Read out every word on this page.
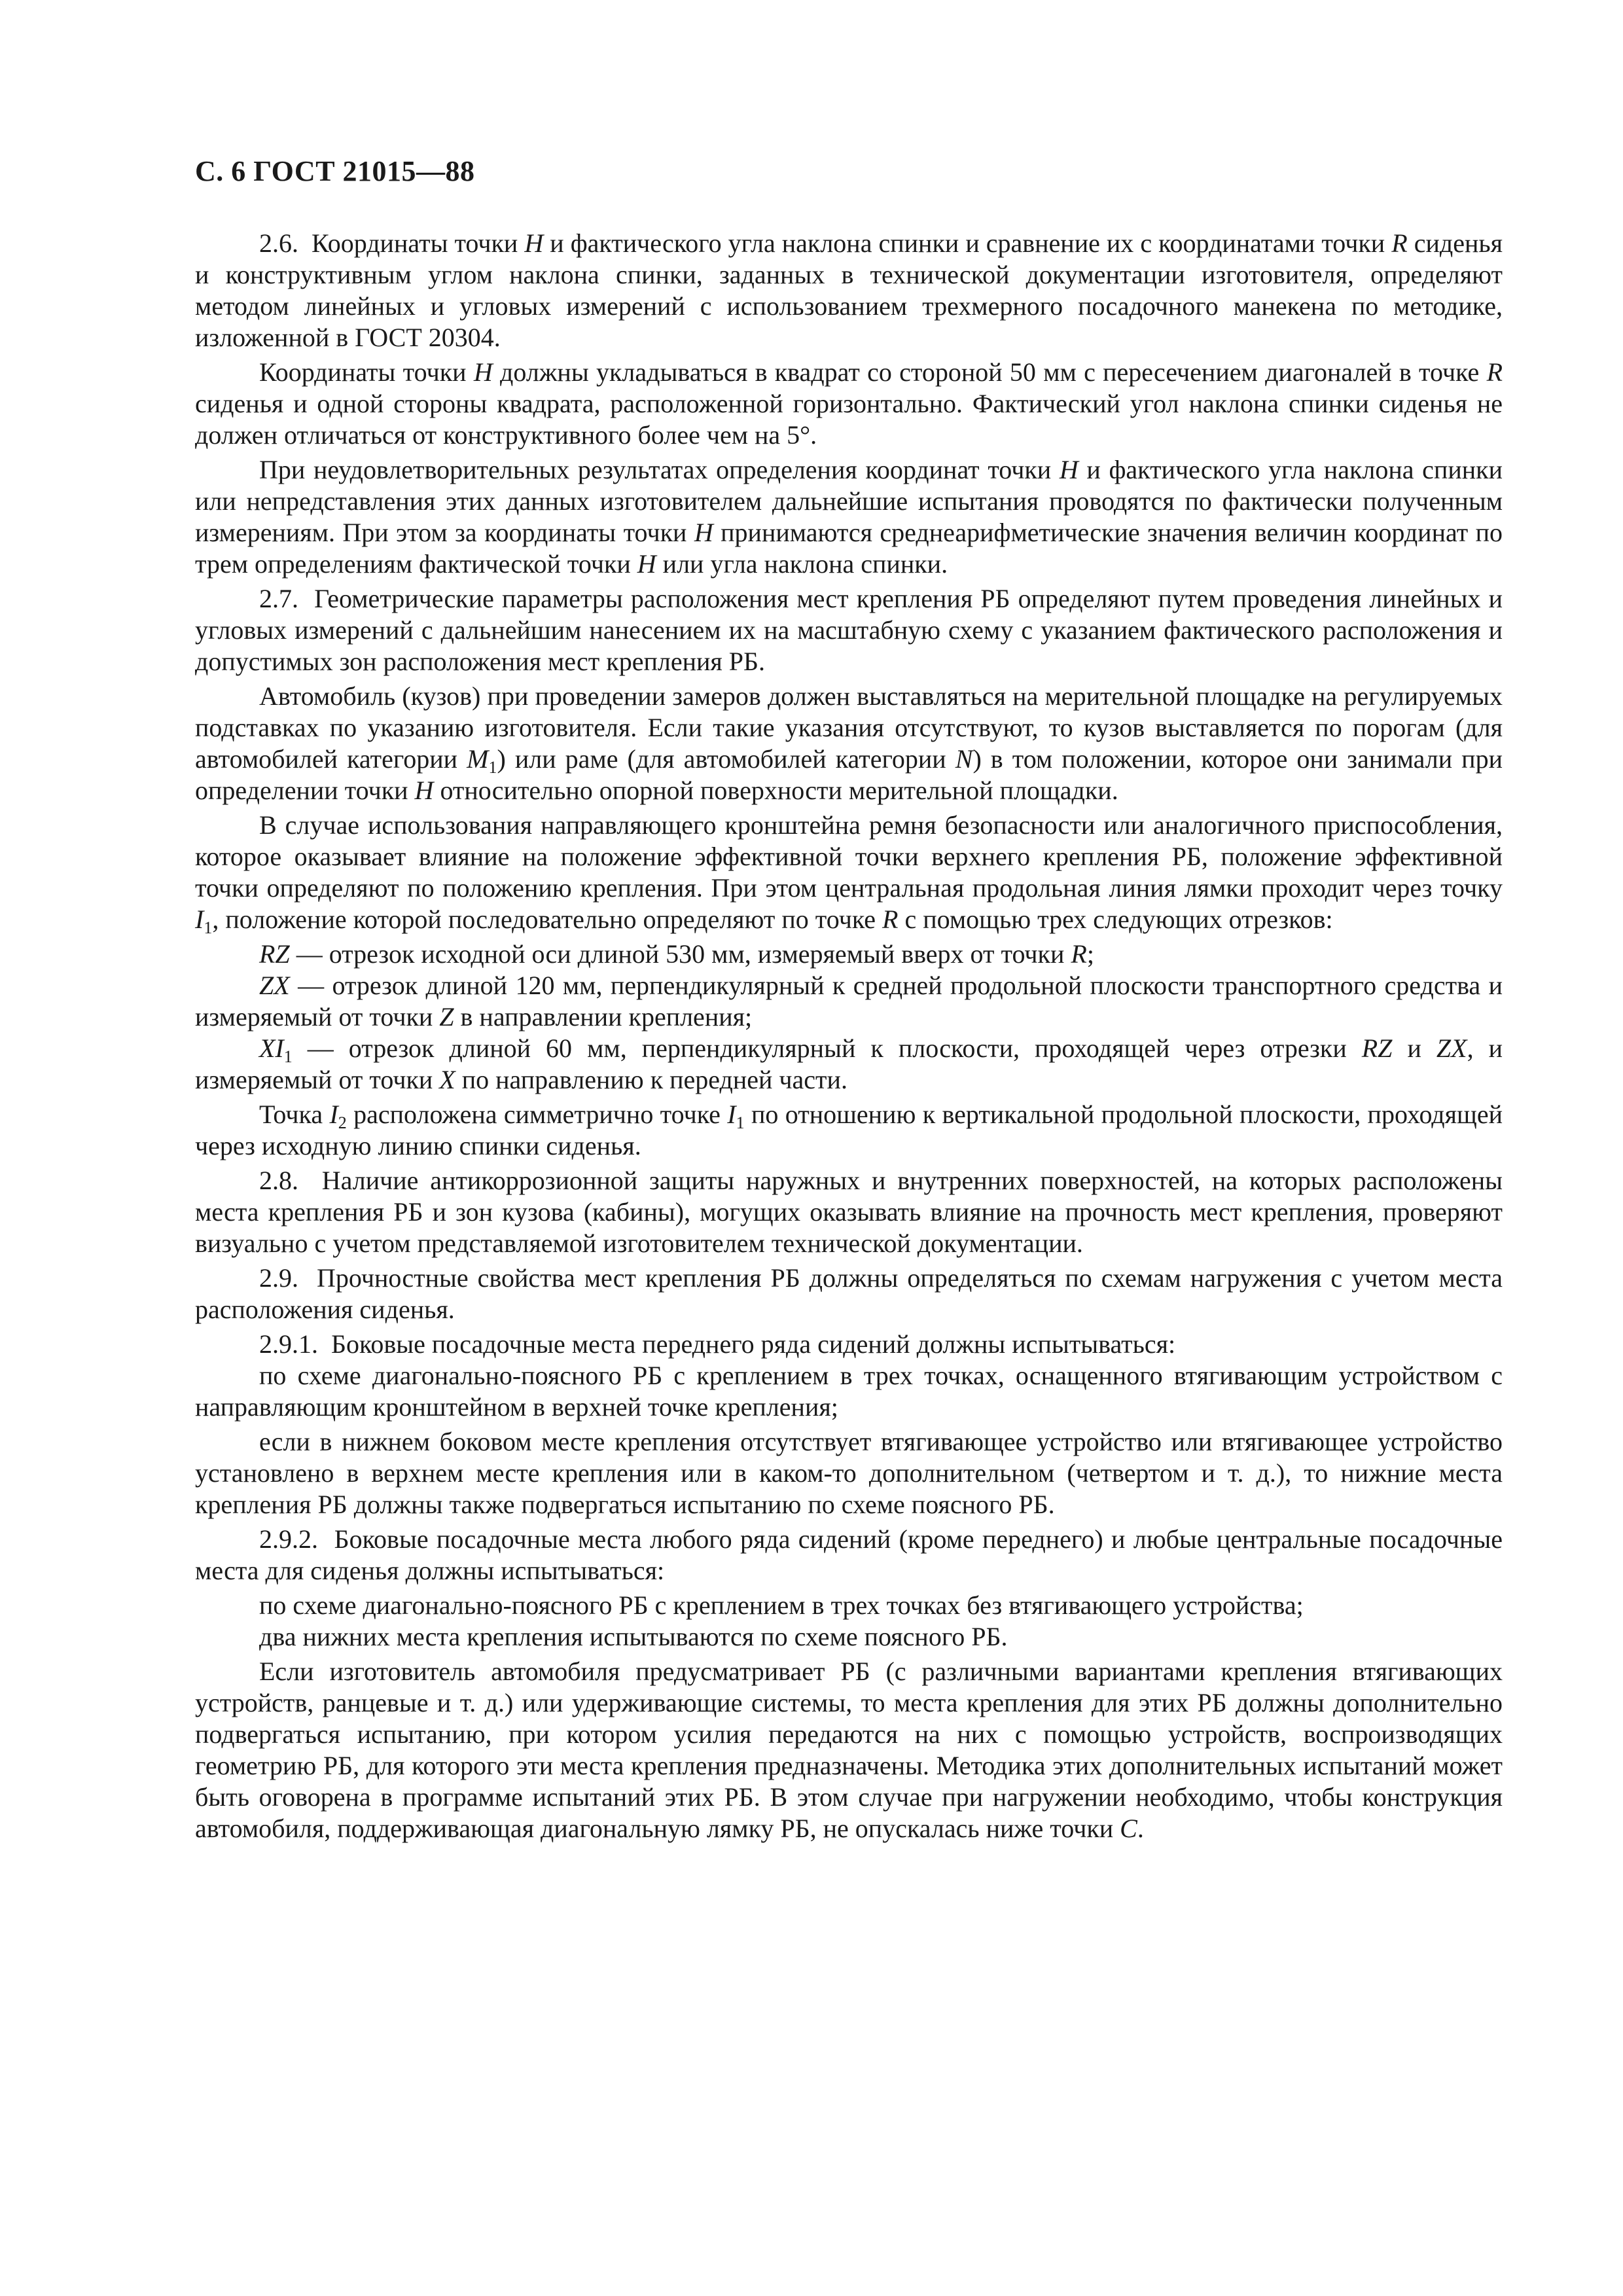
С. 6 ГОСТ 21015—88

2.6.  Координаты точки H и фактического угла наклона спинки и сравнение их с координатами точки R сиденья и конструктивным углом наклона спинки, заданных в технической документации изготовителя, определяют методом линейных и угловых измерений с использованием трехмерного посадочного манекена по методике, изложенной в ГОСТ 20304.

Координаты точки H должны укладываться в квадрат со стороной 50 мм с пересечением диагоналей в точке R сиденья и одной стороны квадрата, расположенной горизонтально. Фактический угол наклона спинки сиденья не должен отличаться от конструктивного более чем на 5°.

При неудовлетворительных результатах определения координат точки H и фактического угла наклона спинки или непредставления этих данных изготовителем дальнейшие испытания проводятся по фактически полученным измерениям. При этом за координаты точки H принимаются среднеарифметические значения величин координат по трем определениям фактической точки H или угла наклона спинки.

2.7.  Геометрические параметры расположения мест крепления РБ определяют путем проведения линейных и угловых измерений с дальнейшим нанесением их на масштабную схему с указанием фактического расположения и допустимых зон расположения мест крепления РБ.

Автомобиль (кузов) при проведении замеров должен выставляться на мерительной площадке на регулируемых подставках по указанию изготовителя. Если такие указания отсутствуют, то кузов выставляется по порогам (для автомобилей категории $M_1$) или раме (для автомобилей категории N) в том положении, которое они занимали при определении точки H относительно опорной поверхности мерительной площадки.

В случае использования направляющего кронштейна ремня безопасности или аналогичного приспособления, которое оказывает влияние на положение эффективной точки верхнего крепления РБ, положение эффективной точки определяют по положению крепления. При этом центральная продольная линия лямки проходит через точку $I_1$, положение которой последовательно определяют по точке R с помощью трех следующих отрезков:

RZ — отрезок исходной оси длиной 530 мм, измеряемый вверх от точки R;

ZX — отрезок длиной 120 мм, перпендикулярный к средней продольной плоскости транспортного средства и измеряемый от точки Z в направлении крепления;

$XI_1$ — отрезок длиной 60 мм, перпендикулярный к плоскости, проходящей через отрезки RZ и ZX, и измеряемый от точки X по направлению к передней части.

Точка $I_2$ расположена симметрично точке $I_1$ по отношению к вертикальной продольной плоскости, проходящей через исходную линию спинки сиденья.

2.8.  Наличие антикоррозионной защиты наружных и внутренних поверхностей, на которых расположены места крепления РБ и зон кузова (кабины), могущих оказывать влияние на прочность мест крепления, проверяют визуально с учетом представляемой изготовителем технической документации.

2.9.  Прочностные свойства мест крепления РБ должны определяться по схемам нагружения с учетом места расположения сиденья.

2.9.1.  Боковые посадочные места переднего ряда сидений должны испытываться:

по схеме диагонально-поясного РБ с креплением в трех точках, оснащенного втягивающим устройством с направляющим кронштейном в верхней точке крепления;

если в нижнем боковом месте крепления отсутствует втягивающее устройство или втягивающее устройство установлено в верхнем месте крепления или в каком-то дополнительном (четвертом и т. д.), то нижние места крепления РБ должны также подвергаться испытанию по схеме поясного РБ.

2.9.2.  Боковые посадочные места любого ряда сидений (кроме переднего) и любые центральные посадочные места для сиденья должны испытываться:

по схеме диагонально-поясного РБ с креплением в трех точках без втягивающего устройства;

два нижних места крепления испытываются по схеме поясного РБ.

Если изготовитель автомобиля предусматривает РБ (с различными вариантами крепления втягивающих устройств, ранцевые и т. д.) или удерживающие системы, то места крепления для этих РБ должны дополнительно подвергаться испытанию, при котором усилия передаются на них с помощью устройств, воспроизводящих геометрию РБ, для которого эти места крепления предназначены. Методика этих дополнительных испытаний может быть оговорена в программе испытаний этих РБ. В этом случае при нагружении необходимо, чтобы конструкция автомобиля, поддерживающая диагональную лямку РБ, не опускалась ниже точки C.
